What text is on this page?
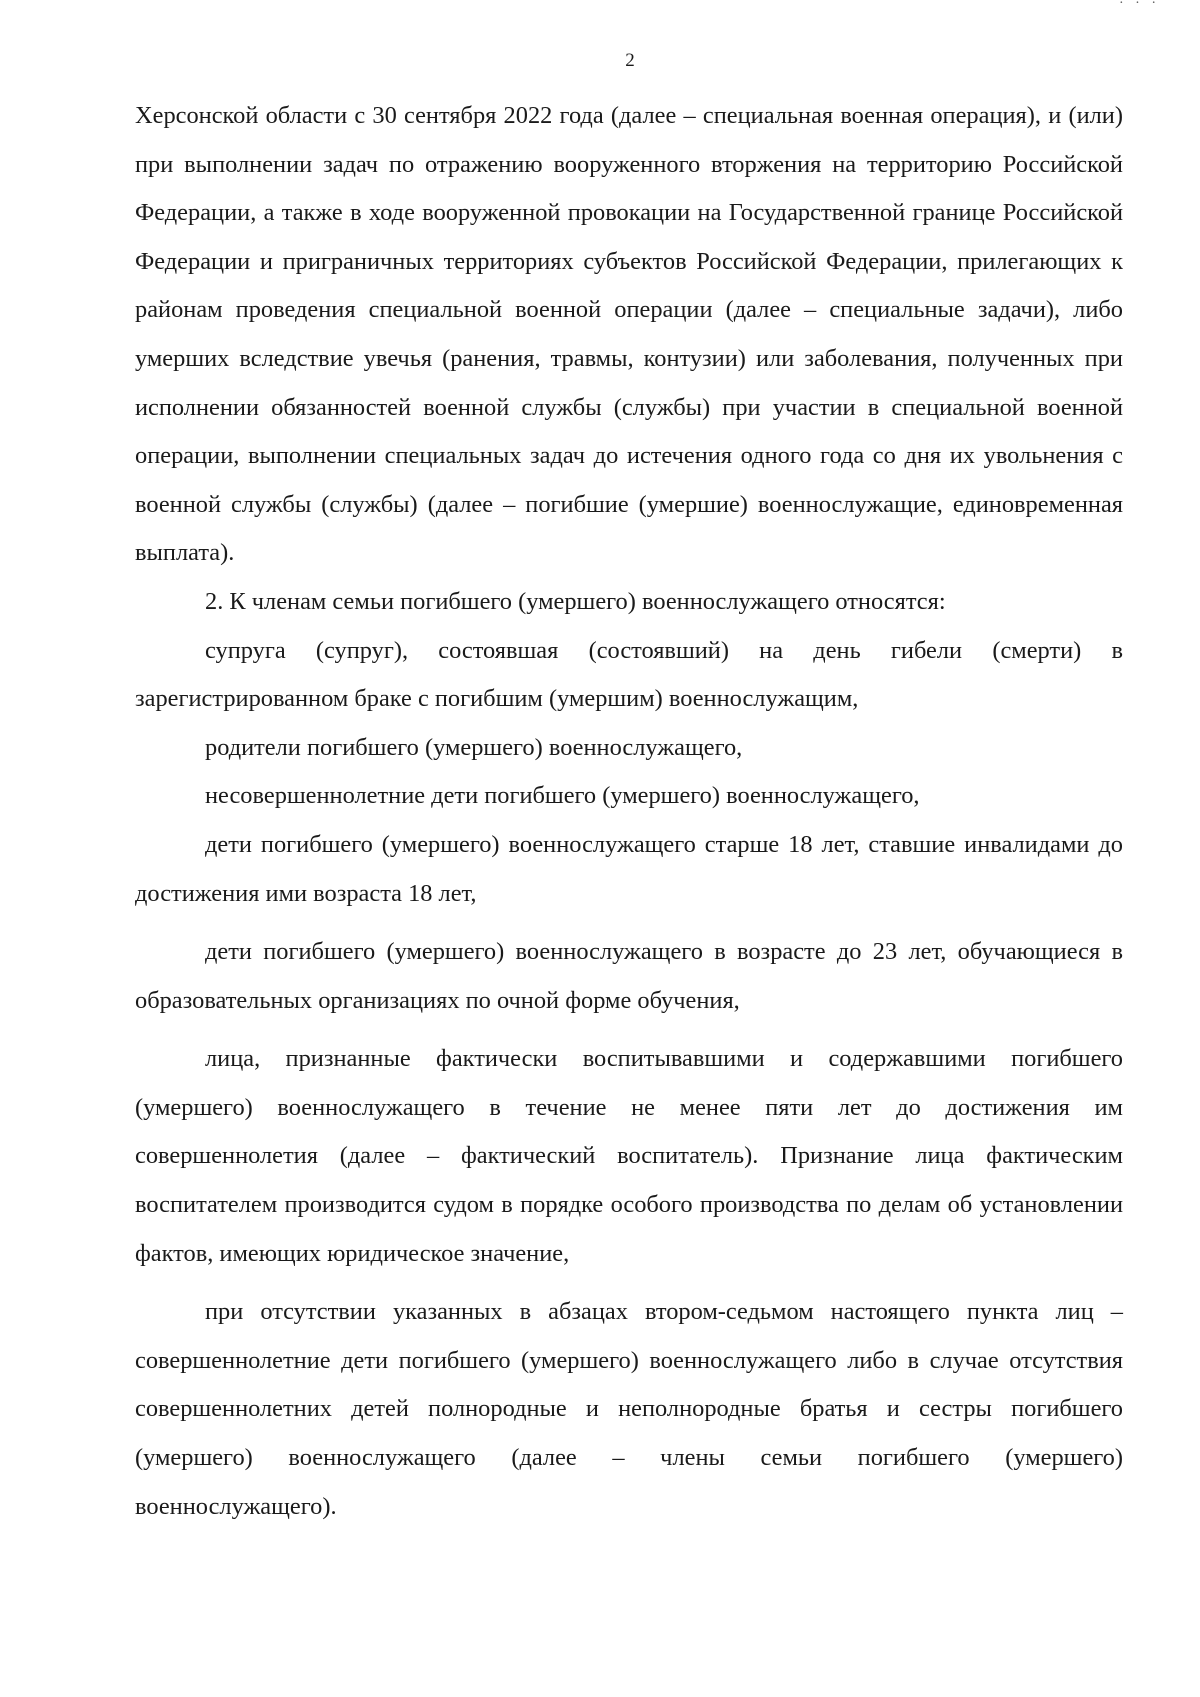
· · ·
2

Херсонской области с 30 сентября 2022 года (далее – специальная военная операция), и (или) при выполнении задач по отражению вооруженного вторжения на территорию Российской Федерации, а также в ходе вооруженной провокации на Государственной границе Российской Федерации и приграничных территориях субъектов Российской Федерации, прилегающих к районам проведения специальной военной операции (далее – специальные задачи), либо умерших вследствие увечья (ранения, травмы, контузии) или заболевания, полученных при исполнении обязанностей военной службы (службы) при участии в специальной военной операции, выполнении специальных задач до истечения одного года со дня их увольнения с военной службы (службы) (далее – погибшие (умершие) военнослужащие, единовременная выплата).

2. К членам семьи погибшего (умершего) военнослужащего относятся:

супруга (супруг), состоявшая (состоявший) на день гибели (смерти) в зарегистрированном браке с погибшим (умершим) военнослужащим,

родители погибшего (умершего) военнослужащего,

несовершеннолетние дети погибшего (умершего) военнослужащего,

дети погибшего (умершего) военнослужащего старше 18 лет, ставшие инвалидами до достижения ими возраста 18 лет,

дети погибшего (умершего) военнослужащего в возрасте до 23 лет, обучающиеся в образовательных организациях по очной форме обучения,

лица, признанные фактически воспитывавшими и содержавшими погибшего (умершего) военнослужащего в течение не менее пяти лет до достижения им совершеннолетия (далее – фактический воспитатель). Признание лица фактическим воспитателем производится судом в порядке особого производства по делам об установлении фактов, имеющих юридическое значение,

при отсутствии указанных в абзацах втором-седьмом настоящего пункта лиц – совершеннолетние дети погибшего (умершего) военнослужащего либо в случае отсутствия совершеннолетних детей полнородные и неполнородные братья и сестры погибшего (умершего) военнослужащего (далее – члены семьи погибшего (умершего) военнослужащего).
